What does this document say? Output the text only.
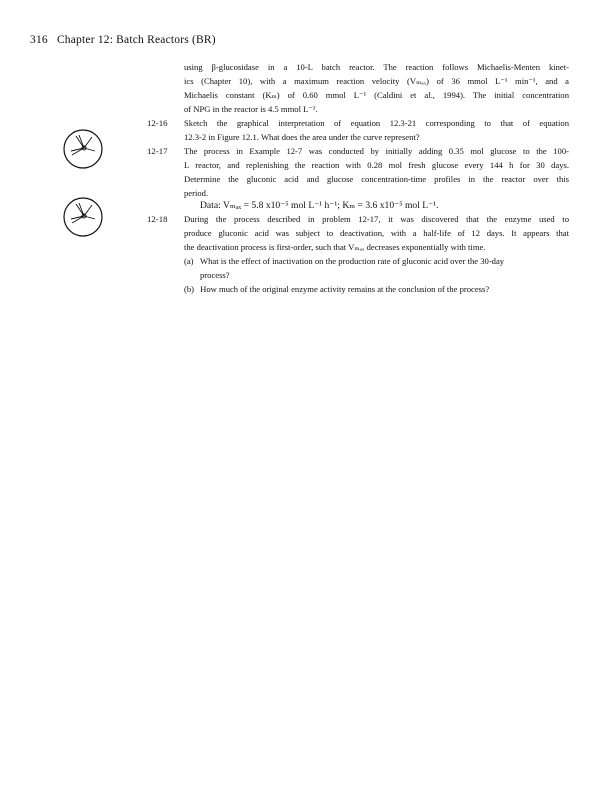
316 Chapter 12: Batch Reactors (BR)
using β-glucosidase in a 10-L batch reactor. The reaction follows Michaelis-Menten kinet-
ics (Chapter 10), with a maximum reaction velocity (Vₘₐₓ) of 36 mmol L⁻¹ min⁻¹, and a
Michaelis constant (Kₘ) of 0.60 mmol L⁻¹ (Caldini et al., 1994). The initial concentration
of NPG in the reactor is 4.5 mmol L⁻¹.
12-16	Sketch the graphical interpretation of equation 12.3-21 corresponding to that of equation
12.3-2 in Figure 12.1. What does the area under the curve represent?
12-17	The process in Example 12-7 was conducted by initially adding 0.35 mol glucose to the 100-
L reactor, and replenishing the reaction with 0.28 mol fresh glucose every 144 h for 30 days.
Determine the gluconic acid and glucose concentration-time profiles in the reactor over this
period.
Data: Vₘₐₓ = 5.8 x10⁻⁵ mol L⁻¹ h⁻¹; Kₘ = 3.6 x10⁻⁵ mol L⁻¹.
12-18	During the process described in problem 12-17, it was discovered that the enzyme used to
produce gluconic acid was subject to deactivation, with a half-life of 12 days. It appears that
the deactivation process is first-order, such that Vₘₐₓ decreases exponentially with time.
(a) What is the effect of inactivation on the production rate of gluconic acid over the 30-day
process?
(b) How much of the original enzyme activity remains at the conclusion of the process?
